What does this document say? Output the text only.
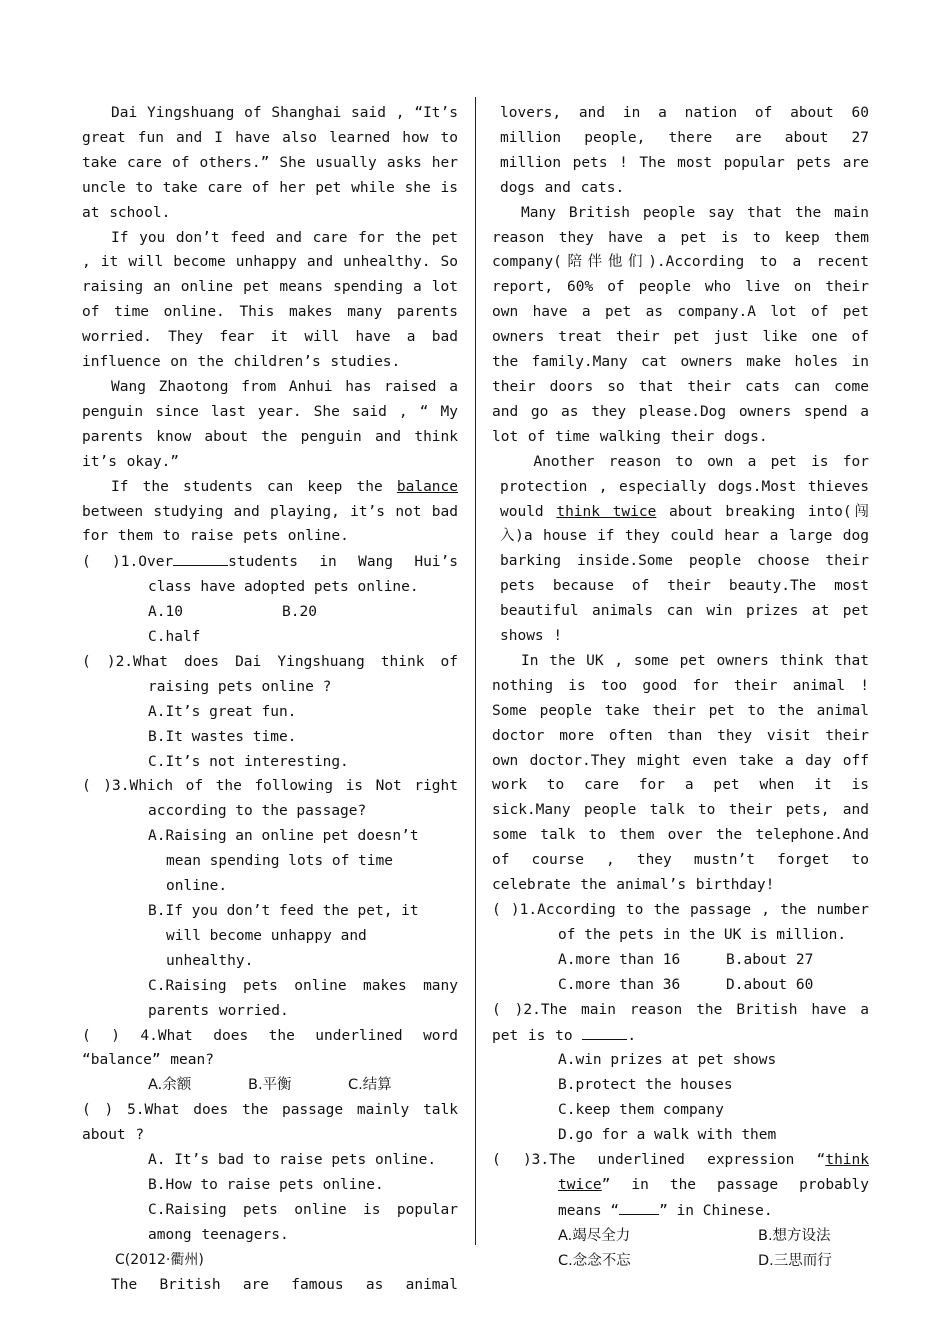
Dai Yingshuang of Shanghai said , “It’s great fun and I have also learned how to take care of others.” She usually asks her uncle to take care of her pet while she is at school.

If you don’t feed and care for the pet , it will become unhappy and unhealthy. So raising an online pet means spending a lot of time online. This makes many parents worried. They fear it will have a bad influence on the children’s studies.

Wang Zhaotong from Anhui has raised a penguin since last year. She said , “ My parents know about the penguin and think it’s okay.”

If the students can keep the balance between studying and playing, it’s not bad for them to raise pets online.

( )1.Over	students in Wang Hui’s class have adopted pets online.

A.10	B.20

C.half

( )2.What does Dai Yingshuang think of raising pets online ?

A.It’s great fun.

B.It wastes time.

C.It’s not interesting.

( )3.Which of the following is Not right according to the passage?

A.Raising an online pet doesn’t mean spending lots of time online.

B.If you don’t feed the pet, it will become unhappy and unhealthy.

C.Raising pets online makes many parents worried.

( ) 4.What does the underlined word “balance” mean?

A.余额	B.平衡	C.结算

( ) 5.What does the passage mainly talk about ?

A. It’s bad to raise pets online.

B.How to raise pets online.

C.Raising pets online is popular among teenagers.

C(2012·衢州)

The British are famous as animal

lovers, and in a nation of about 60 million people, there are about 27 million pets ! The most popular pets are dogs and cats.

Many British people say that the main reason they have a pet is to keep them company(陪伴他们).According to a recent report, 60% of people who live on their own have a pet as company.A lot of pet owners treat their pet just like one of the family.Many cat owners make holes in their doors so that their cats can come and go as they please.Dog owners spend a lot of time walking their dogs.

Another reason to own a pet is for protection , especially dogs.Most thieves would think twice about breaking into(闯入)a house if they could hear a large dog barking inside.Some people choose their pets because of their beauty.The most beautiful animals can win prizes at pet shows !

In the UK , some pet owners think that nothing is too good for their animal ! Some people take their pet to the animal doctor more often than they visit their own doctor.They might even take a day off work to care for a pet when it is sick.Many people talk to their pets, and some talk to them over the telephone.And of course , they mustn’t forget to celebrate the animal’s birthday!

( )1.According to the passage , the number of the pets in the UK is million.

A.more than 16	B.about 27
C.more than 36	D.about 60

( )2.The main reason the British have a pet is to	.

A.win prizes at pet shows

B.protect the houses

C.keep them company

D.go for a walk with them

( )3.The underlined expression “think twice” in the passage probably means “	” in Chinese.

A.竭尽全力	B.想方设法
C.念念不忘	D.三思而行
